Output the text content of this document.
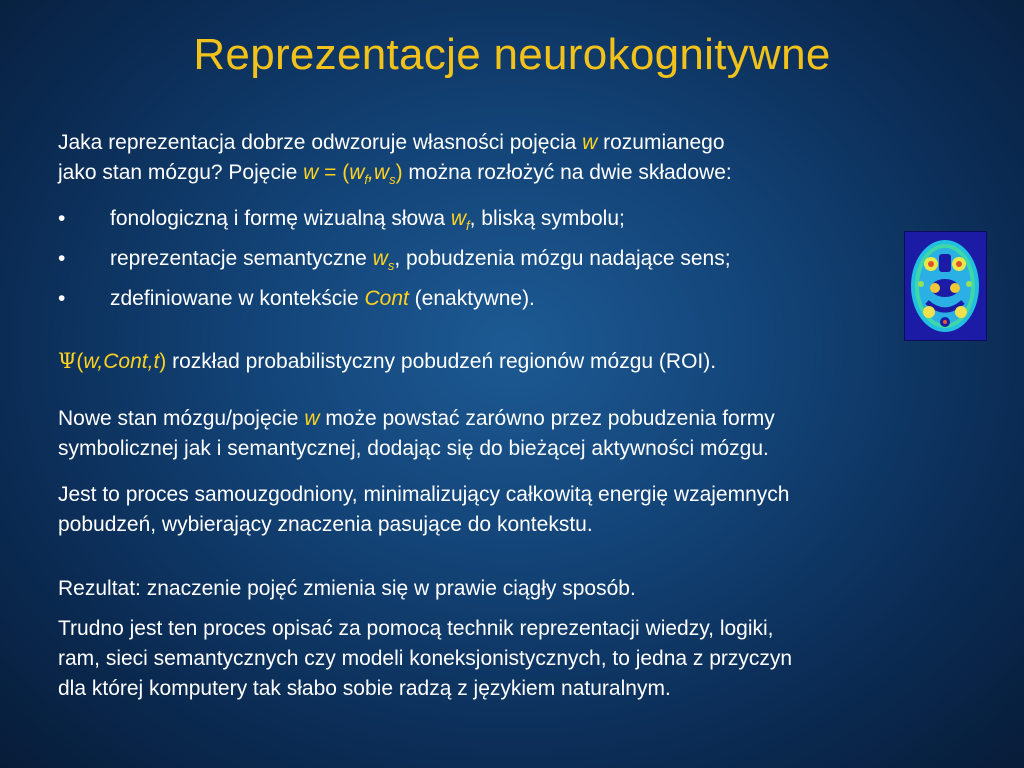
Reprezentacje neurokognitywne
Jaka reprezentacja dobrze odwzoruje własności pojęcia w rozumianego
jako stan mózgu? Pojęcie $w = (w_f,w_s)$ można rozłożyć na dwie składowe:
• fonologiczną i formę wizualną słowa $w_f$, bliską symbolu;
• reprezentacje semantyczne $w_s$, pobudzenia mózgu nadające sens;
• zdefiniowane w kontekście Cont (enaktywne).
Ψ(w,Cont,t) rozkład probabilistyczny pobudzeń regionów mózgu (ROI).
Nowe stan mózgu/pojęcie w może powstać zarówno przez pobudzenia formy
symbolicznej jak i semantycznej, dodając się do bieżącej aktywności mózgu.
Jest to proces samouzgodniony, minimalizujący całkowitą energię wzajemnych
pobudzeń, wybierający znaczenia pasujące do kontekstu.
Rezultat: znaczenie pojęć zmienia się w prawie ciągły sposób.
Trudno jest ten proces opisać za pomocą technik reprezentacji wiedzy, logiki,
ram, sieci semantycznych czy modeli koneksjonistycznych, to jedna z przyczyn
dla której komputery tak słabo sobie radzą z językiem naturalnym.
